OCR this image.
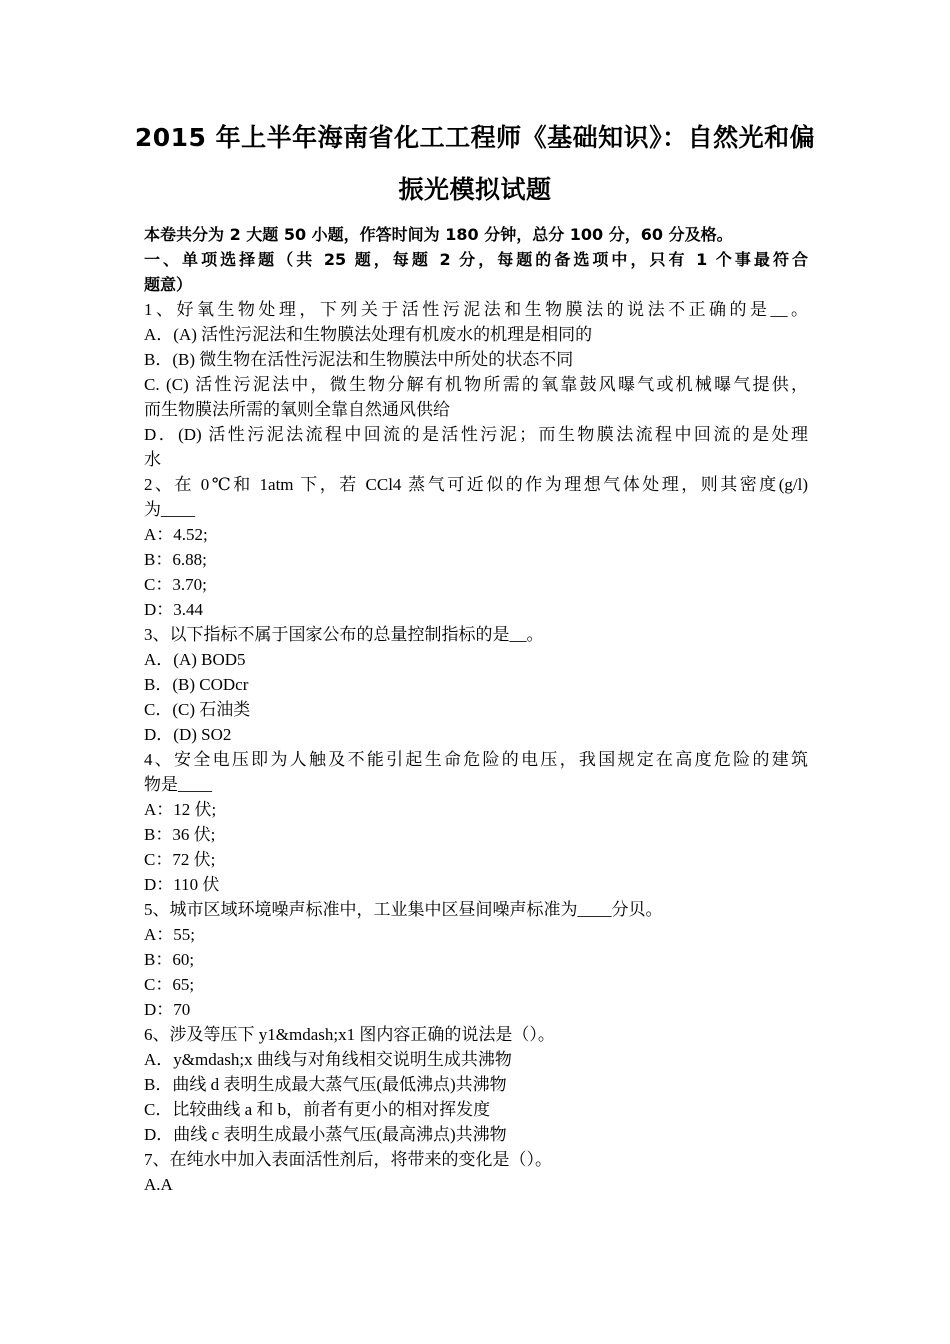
2015 年上半年海南省化工工程师《基础知识》：自然光和偏
振光模拟试题
本卷共分为 2 大题 50 小题，作答时间为 180 分钟，总分 100 分，60 分及格。
一、单项选择题（共 25 题，每题 2 分，每题的备选项中，只有 1 个事最符合
题意）
1、好氧生物处理，下列关于活性污泥法和生物膜法的说法不正确的是__。
A．(A) 活性污泥法和生物膜法处理有机废水的机理是相同的
B．(B) 微生物在活性污泥法和生物膜法中所处的状态不同
C. (C) 活性污泥法中，微生物分解有机物所需的氧靠鼓风曝气或机械曝气提供，
而生物膜法所需的氧则全靠自然通风供给
D．(D) 活性污泥法流程中回流的是活性污泥；而生物膜法流程中回流的是处理
水
2、在 0℃和 1atm 下，若 CCl4 蒸气可近似的作为理想气体处理，则其密度(g/l)
为____
A：4.52;
B：6.88;
C：3.70;
D：3.44
3、以下指标不属于国家公布的总量控制指标的是__。
A．(A) BOD5
B．(B) CODcr
C．(C) 石油类
D．(D) SO2
4、安全电压即为人触及不能引起生命危险的电压，我国规定在高度危险的建筑
物是____
A：12 伏;
B：36 伏;
C：72 伏;
D：110 伏
5、城市区域环境噪声标准中，工业集中区昼间噪声标准为____分贝。
A：55;
B：60;
C：65;
D：70
6、涉及等压下 y1&mdash;x1 图内容正确的说法是（）。
A．y&mdash;x 曲线与对角线相交说明生成共沸物
B．曲线 d 表明生成最大蒸气压(最低沸点)共沸物
C．比较曲线 a 和 b，前者有更小的相对挥发度
D．曲线 c 表明生成最小蒸气压(最高沸点)共沸物
7、在纯水中加入表面活性剂后，将带来的变化是（）。
A.A
